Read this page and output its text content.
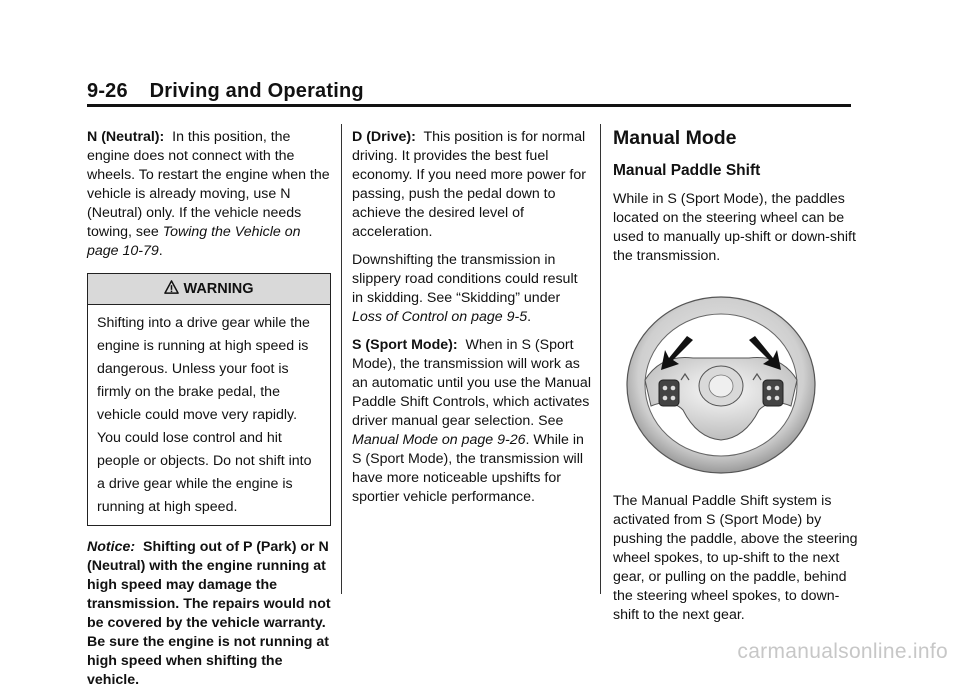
9-26 Driving and Operating

N (Neutral): In this position, the engine does not connect with the wheels. To restart the engine when the vehicle is already moving, use N (Neutral) only. If the vehicle needs towing, see Towing the Vehicle on page 10-79.

WARNING
Shifting into a drive gear while the engine is running at high speed is dangerous. Unless your foot is firmly on the brake pedal, the vehicle could move very rapidly. You could lose control and hit people or objects. Do not shift into a drive gear while the engine is running at high speed.

Notice: Shifting out of P (Park) or N (Neutral) with the engine running at high speed may damage the transmission. The repairs would not be covered by the vehicle warranty. Be sure the engine is not running at high speed when shifting the vehicle.

D (Drive): This position is for normal driving. It provides the best fuel economy. If you need more power for passing, push the pedal down to achieve the desired level of acceleration.

Downshifting the transmission in slippery road conditions could result in skidding. See “Skidding” under Loss of Control on page 9-5.

S (Sport Mode): When in S (Sport Mode), the transmission will work as an automatic until you use the Manual Paddle Shift Controls, which activates driver manual gear selection. See Manual Mode on page 9-26. While in S (Sport Mode), the transmission will have more noticeable upshifts for sportier vehicle performance.

Manual Mode
Manual Paddle Shift

While in S (Sport Mode), the paddles located on the steering wheel can be used to manually up-shift or down-shift the transmission.

The Manual Paddle Shift system is activated from S (Sport Mode) by pushing the paddle, above the steering wheel spokes, to up-shift to the next gear, or pulling on the paddle, behind the steering wheel spokes, to down-shift to the next gear.

carmanualsonline.info
